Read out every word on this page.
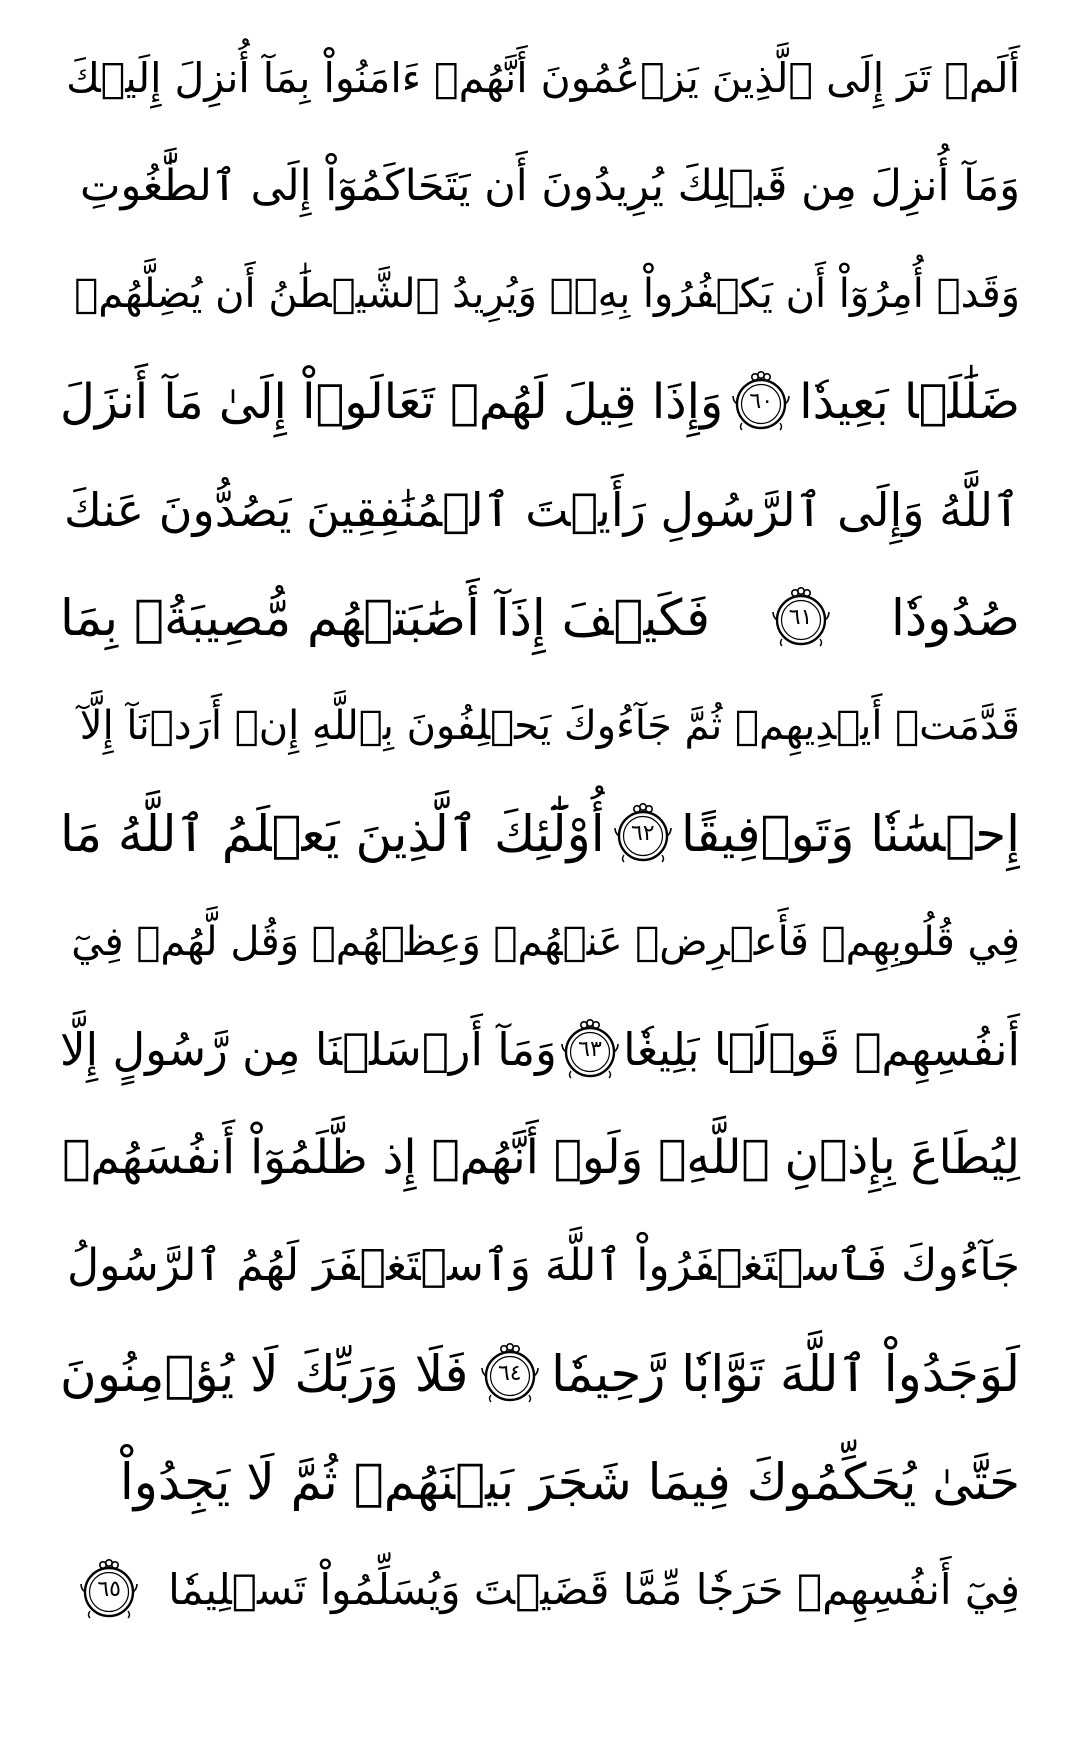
أَلَمۡ تَرَ إِلَى ٱلَّذِينَ يَزۡعُمُونَ أَنَّهُمۡ ءَامَنُواْ بِمَآ أُنزِلَ إِلَيۡكَ
وَمَآ أُنزِلَ مِن قَبۡلِكَ يُرِيدُونَ أَن يَتَحَاكَمُوٓاْ إِلَى ٱلطَّٰغُوتِ
وَقَدۡ أُمِرُوٓاْ أَن يَكۡفُرُواْ بِهِۦۖ وَيُرِيدُ ٱلشَّيۡطَٰنُ أَن يُضِلَّهُمۡ
ضَلَٰلَۢا بَعِيدٗا
٦٠
وَإِذَا قِيلَ لَهُمۡ تَعَالَوۡاْ إِلَىٰ مَآ أَنزَلَ
ٱللَّهُ وَإِلَى ٱلرَّسُولِ رَأَيۡتَ ٱلۡمُنَٰفِقِينَ يَصُدُّونَ عَنكَ
صُدُودٗا
٦١
فَكَيۡفَ إِذَآ أَصَٰبَتۡهُم مُّصِيبَةُۢ بِمَا
قَدَّمَتۡ أَيۡدِيهِمۡ ثُمَّ جَآءُوكَ يَحۡلِفُونَ بِٱللَّهِ إِنۡ أَرَدۡنَآ إِلَّآ
إِحۡسَٰنٗا وَتَوۡفِيقًا
٦٢
أُوْلَٰٓئِكَ ٱلَّذِينَ يَعۡلَمُ ٱللَّهُ مَا
فِي قُلُوبِهِمۡ فَأَعۡرِضۡ عَنۡهُمۡ وَعِظۡهُمۡ وَقُل لَّهُمۡ فِيٓ
أَنفُسِهِمۡ قَوۡلَۢا بَلِيغٗا
٦٣
وَمَآ أَرۡسَلۡنَا مِن رَّسُولٍ إِلَّا
لِيُطَاعَ بِإِذۡنِ ٱللَّهِۚ وَلَوۡ أَنَّهُمۡ إِذ ظَّلَمُوٓاْ أَنفُسَهُمۡ
جَآءُوكَ فَٱسۡتَغۡفَرُواْ ٱللَّهَ وَٱسۡتَغۡفَرَ لَهُمُ ٱلرَّسُولُ
لَوَجَدُواْ ٱللَّهَ تَوَّابٗا رَّحِيمٗا
٦٤
فَلَا وَرَبِّكَ لَا يُؤۡمِنُونَ
حَتَّىٰ يُحَكِّمُوكَ فِيمَا شَجَرَ بَيۡنَهُمۡ ثُمَّ لَا يَجِدُواْ
فِيٓ أَنفُسِهِمۡ حَرَجٗا مِّمَّا قَضَيۡتَ وَيُسَلِّمُواْ تَسۡلِيمٗا
٦٥
